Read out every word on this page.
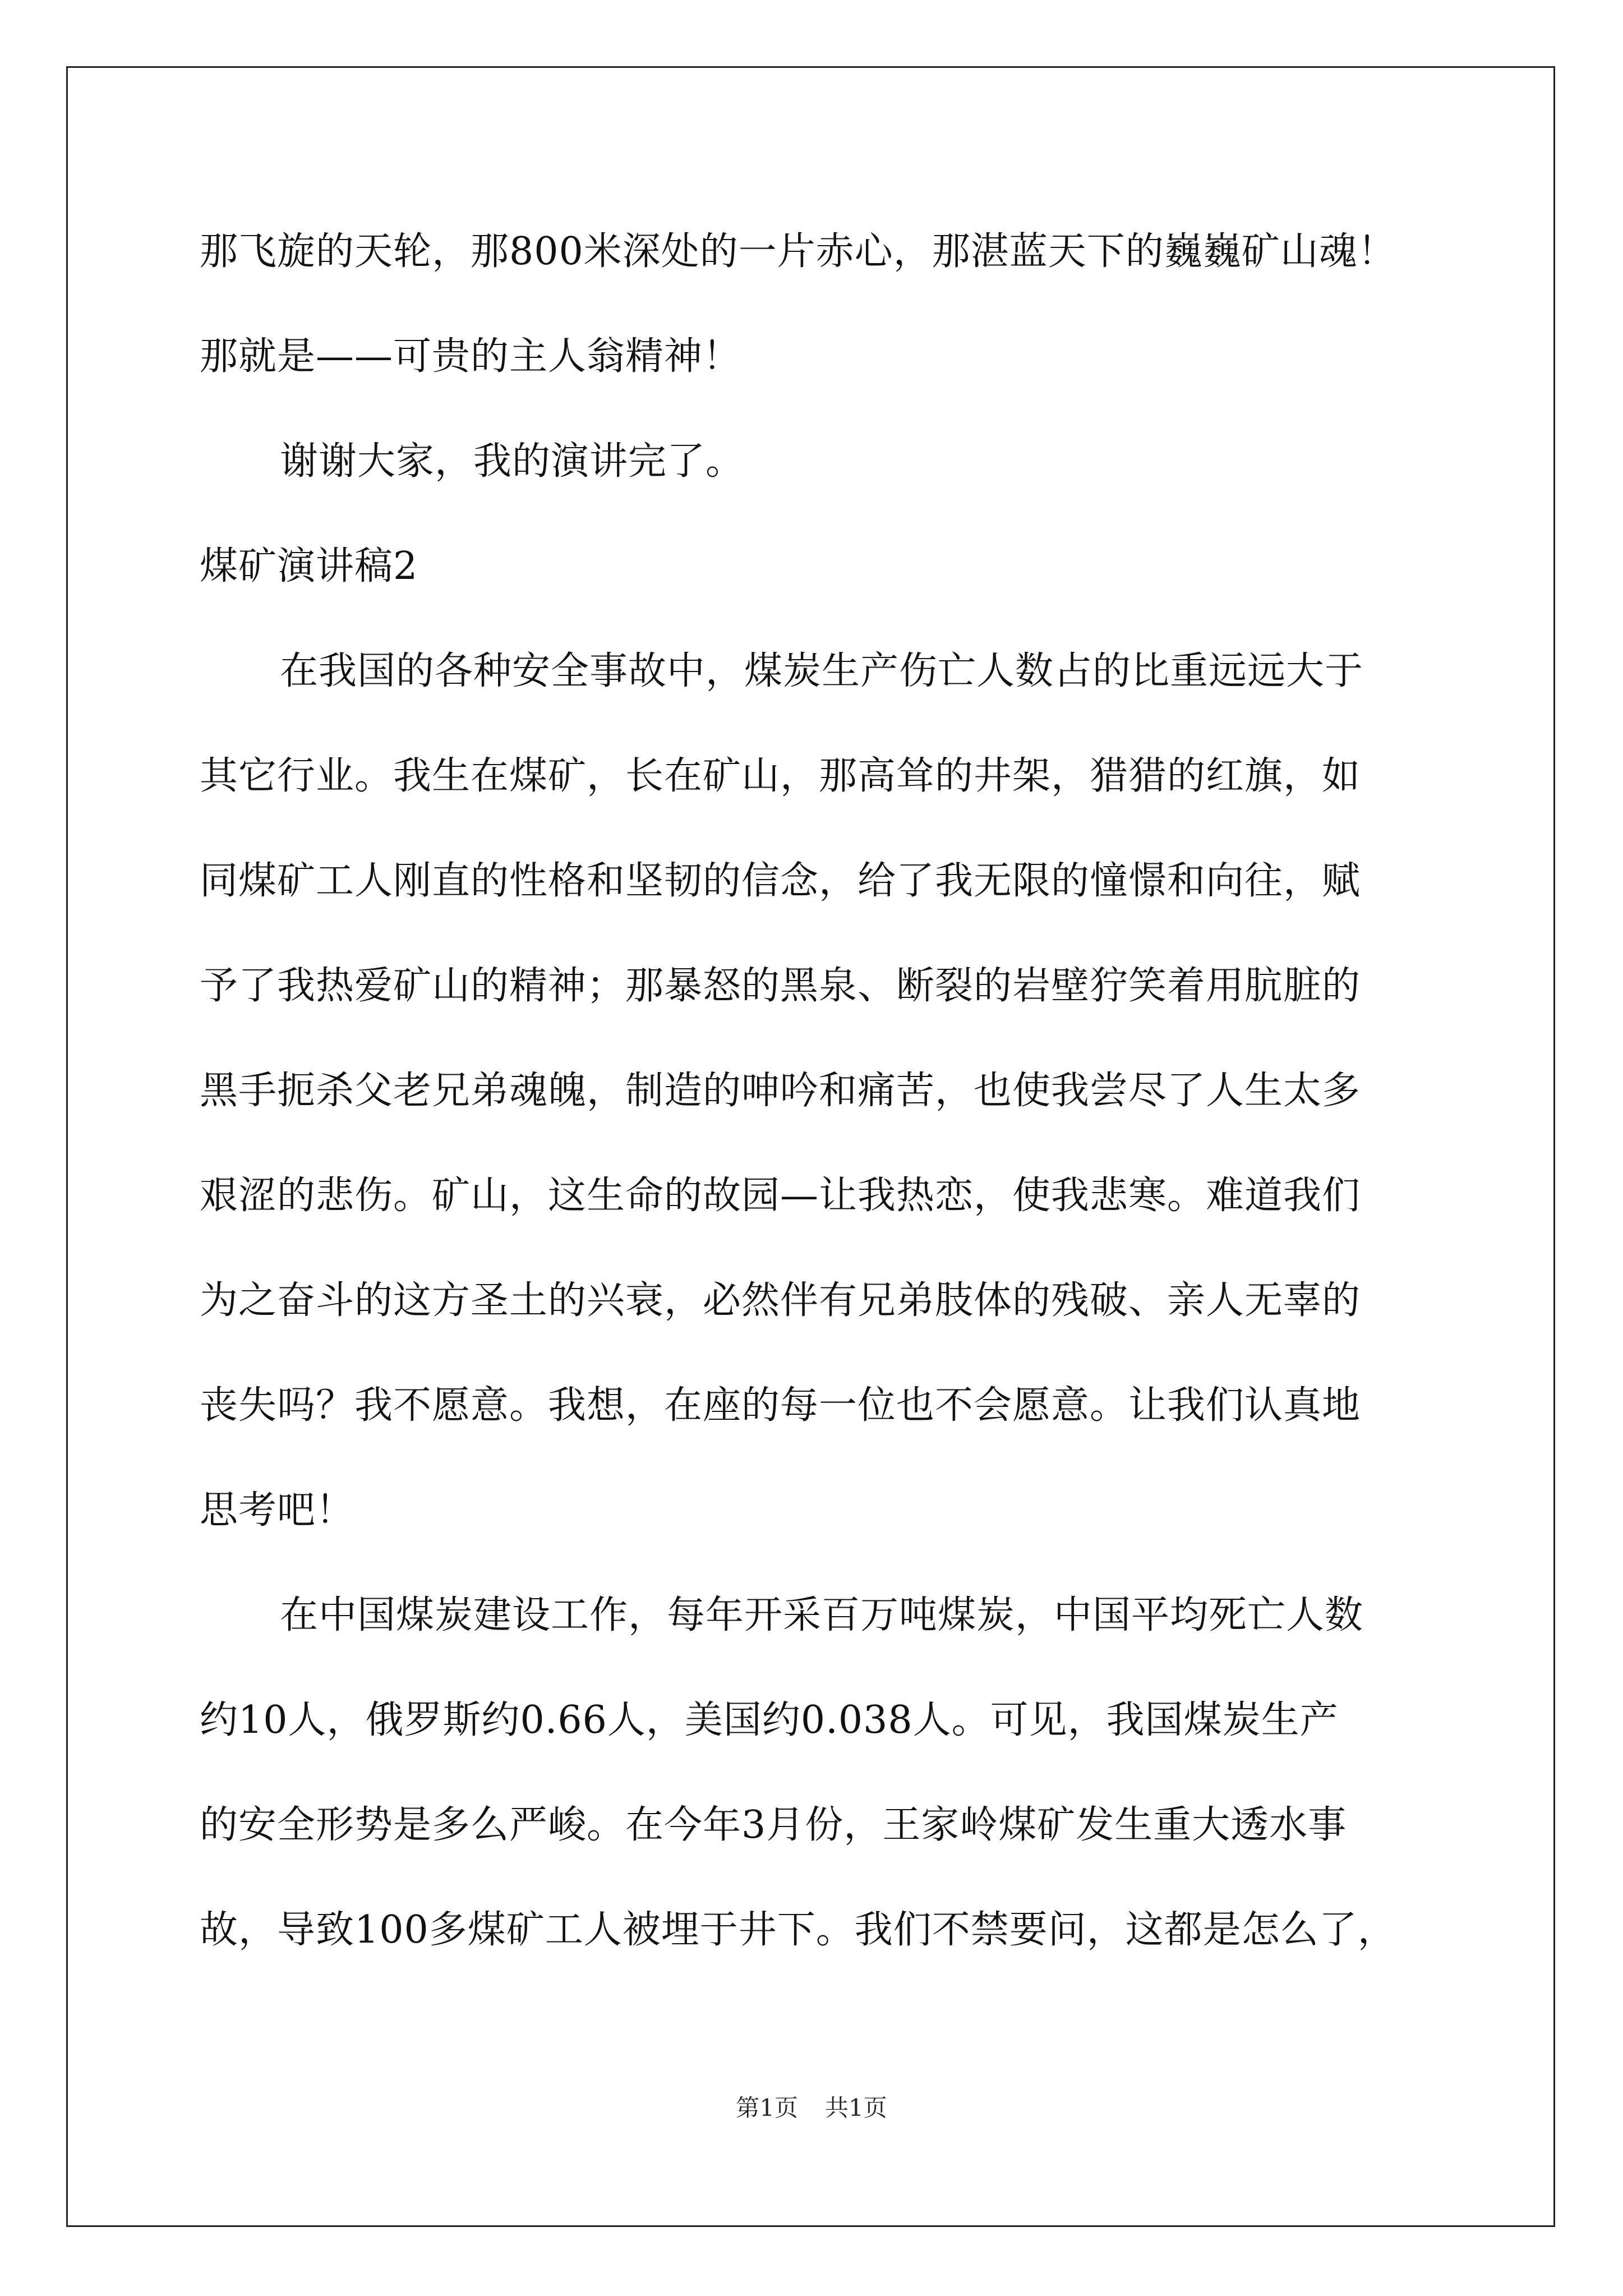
那飞旋的天轮，那800米深处的一片赤心，那湛蓝天下的巍巍矿山魂！
那就是——可贵的主人翁精神！
谢谢大家，我的演讲完了。
煤矿演讲稿2
在我国的各种安全事故中，煤炭生产伤亡人数占的比重远远大于
其它行业。我生在煤矿，长在矿山，那高耸的井架，猎猎的红旗，如
同煤矿工人刚直的性格和坚韧的信念，给了我无限的憧憬和向往，赋
予了我热爱矿山的精神；那暴怒的黑泉、断裂的岩壁狞笑着用肮脏的
黑手扼杀父老兄弟魂魄，制造的呻吟和痛苦，也使我尝尽了人生太多
艰涩的悲伤。矿山，这生命的故园—让我热恋，使我悲寒。难道我们
为之奋斗的这方圣土的兴衰，必然伴有兄弟肢体的残破、亲人无辜的
丧失吗？我不愿意。我想，在座的每一位也不会愿意。让我们认真地
思考吧！
在中国煤炭建设工作，每年开采百万吨煤炭，中国平均死亡人数
约10人，俄罗斯约0.66人，美国约0.038人。可见，我国煤炭生产
的安全形势是多么严峻。在今年3月份，王家岭煤矿发生重大透水事
故，导致100多煤矿工人被埋于井下。我们不禁要问，这都是怎么了，
第1页 共1页
